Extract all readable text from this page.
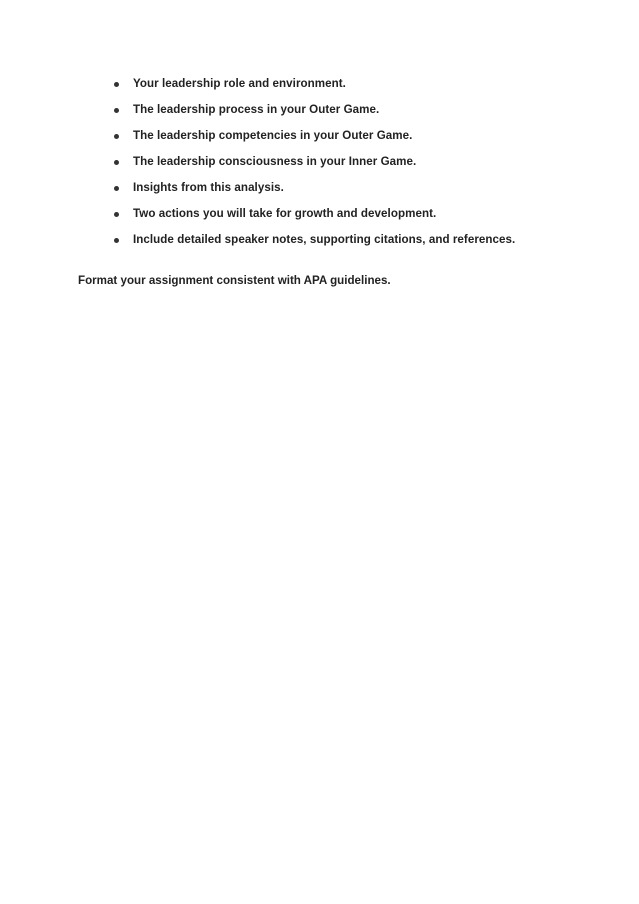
Your leadership role and environment.
The leadership process in your Outer Game.
The leadership competencies in your Outer Game.
The leadership consciousness in your Inner Game.
Insights from this analysis.
Two actions you will take for growth and development.
Include detailed speaker notes, supporting citations, and references.

Format your assignment consistent with APA guidelines.
